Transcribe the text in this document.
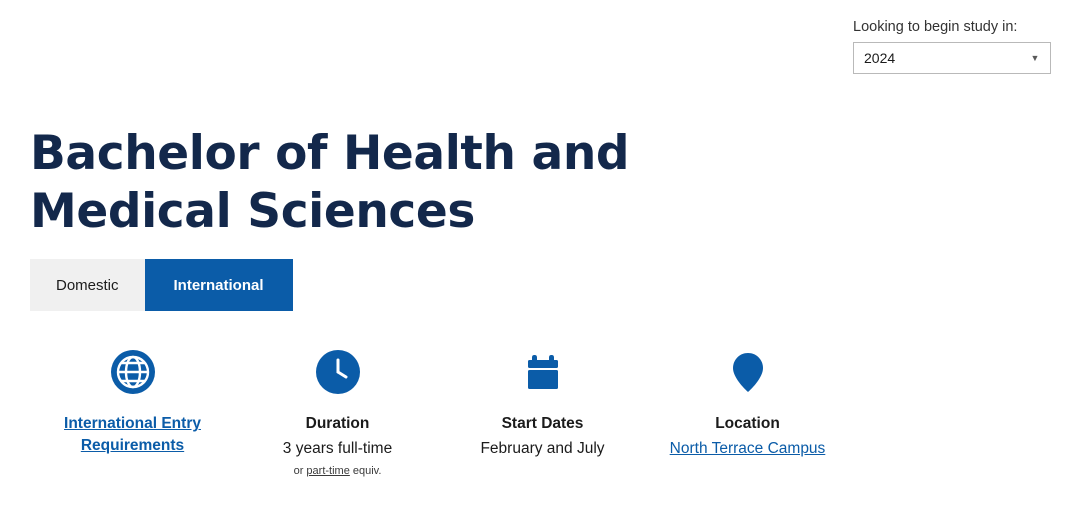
Looking to begin study in:
2024	▼
Bachelor of Health and Medical Sciences
Domestic	International
International Entry Requirements
Duration
3 years full-time
or part-time equiv.
Start Dates
February and July
Location
North Terrace Campus
